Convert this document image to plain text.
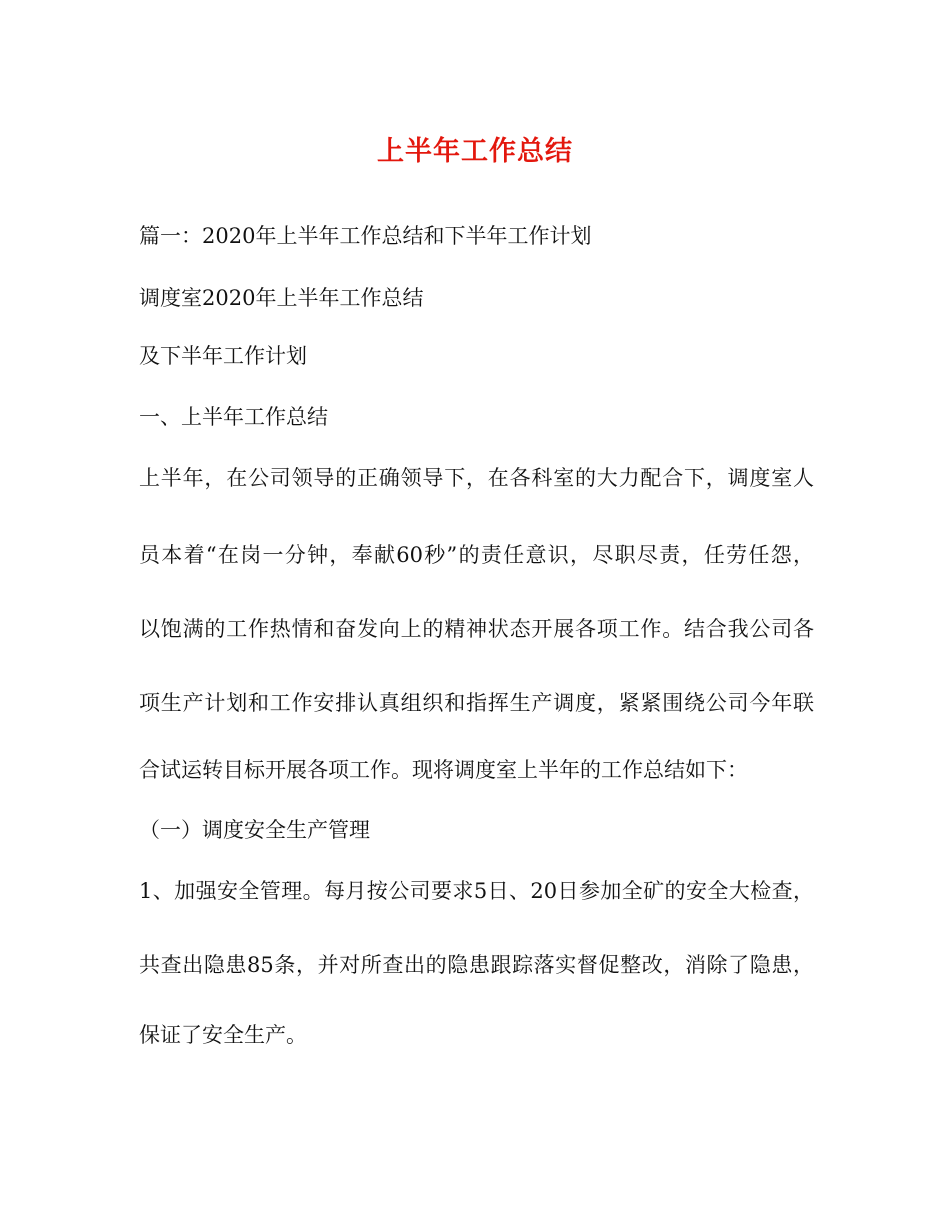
上半年工作总结
篇一：2020年上半年工作总结和下半年工作计划
调度室2020年上半年工作总结
及下半年工作计划
一、上半年工作总结
上半年，在公司领导的正确领导下，在各科室的大力配合下，调度室人
员本着“在岗一分钟，奉献60秒”的责任意识，尽职尽责，任劳任怨，
以饱满的工作热情和奋发向上的精神状态开展各项工作。结合我公司各
项生产计划和工作安排认真组织和指挥生产调度，紧紧围绕公司今年联
合试运转目标开展各项工作。现将调度室上半年的工作总结如下：
（一）调度安全生产管理
1、加强安全管理。每月按公司要求5日、20日参加全矿的安全大检查，
共查出隐患85条，并对所查出的隐患跟踪落实督促整改，消除了隐患，
保证了安全生产。
